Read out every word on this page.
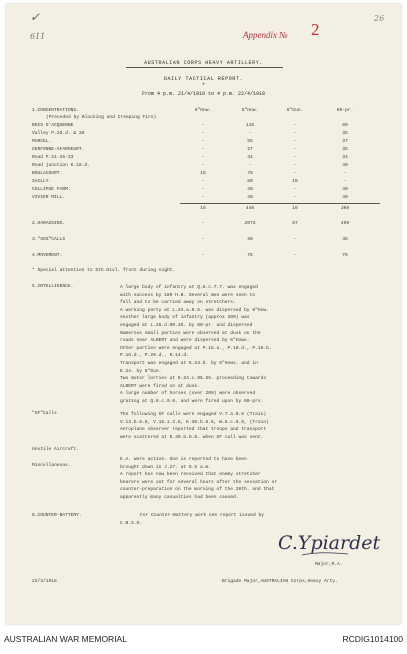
✓
611
26
Appendix № 2
AUSTRALIAN CORPS HEAVY ARTILLERY.
DAILY TACTICAL REPORT.
*
From 4 p.m. 21/4/1918 to 4 p.m. 22/4/1918
6"How.	8"How.	6"Gun.	60-pr.
1.CONCENTRATIONS.
(Preceded by Blocking and Creeping Fire)
BOIS D'ACQUENNE	-	115	-	80
Valley P.26.d. & 30	-	-	-	35
MARCEL.	-	55	-	37
CERFONNE-AFAROEURT.	-	27	-	35
Road P.21-26-33	-	44	-	34
Road junction K.18.d.	-	-	-	40
BOULACOURT.	16	78	-	-
SAILLY.	-	80	16	-
COLLIPUE FARM.	-	40	-	40
VIVIER MILL.	-	40	-	40
16	446	16	369
2.HARASSING.	-	2073	67	469
3."SOS"CALLS	-	30	-	46
4.MOVEMENT.	-	76	-	76
* Special attention to 5th.Divl. front during night.
5.INTELLIGENCE.	A large body of infantry at Q.8.c.7.7. was engaged
with success by 180 H.B. Several men were seen to
fall and to be carried away on stretchers.
A working party at L.34.a.0.6. was dispersed by 6"How.
Another large body of infantry (approx 200) was
engaged at L.28.d.00.35. by 60-pr. and dispersed
Numerous small parties were observed at dusk on the
roads near ALBERT and were dispersed by 6"Hows.
Other parties were engaged at P.15.a., P.10.d., P.16.b.
P.16.d., P.20.d., K.14.d.
Transport was engaged at K.24.b. by 6"Hows. and in
K.24. by 6"Gun.
Two motor lorries at K.24.c.95.55. proceeding towards
ALBERT were fired on at dusk.
A large number of horses (over 200) were observed
grazing at Q.8.c.0.6. and were fired upon by 60-prs.
"GF"Calls	The following GF calls were engaged V.7.a.9.8 (Train)
V.13.b.8.8, V.18.1.2.8, K.30.b.8.8, W.8.c.8.8, (Train)
Aeroplane observer reported that troops and transport
were scattered at K.30.b.8.8. when GF call was sent.
Hostile Aircraft.
Miscellaneous.
E.A. were active. One is reported to have been
brought down in J.27. at 8.5 a.m.
A report has now been received that enemy stretcher
bearers were out for several hours after the sessation or
counter-preparation on the morning of the 20th. and that
apparently many casualties had been caused.
6.COUNTER-BATTERY.	For Counter-Battery work see report issued by
C.B.S.O.
C.Ypiardet
Major,R.A.
Brigade Major,AUSTRALIAN Corps,Heavy Arty.
22/4/1918
AUSTRALIAN WAR MEMORIAL	RCDIG1014100
